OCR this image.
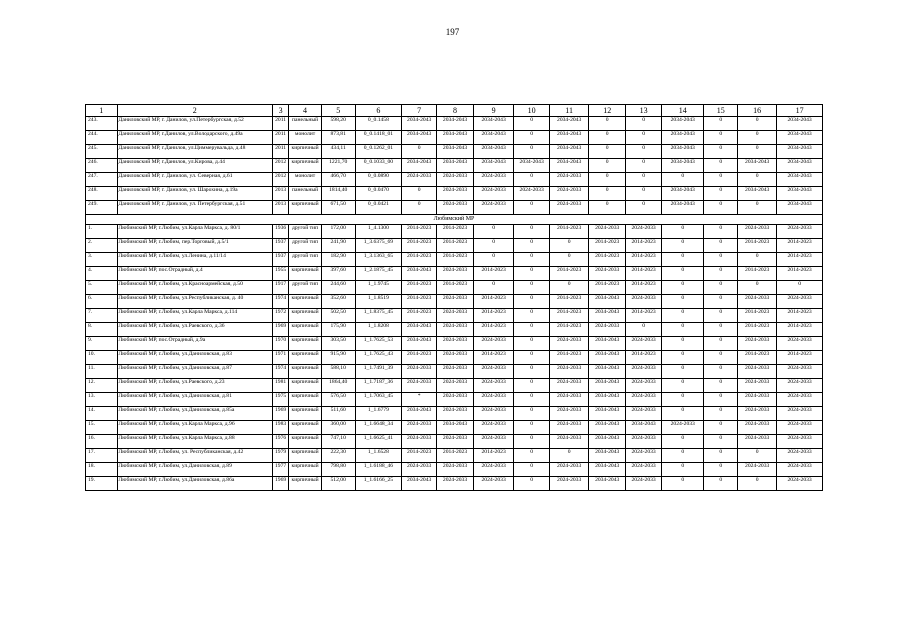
197
1	2	3	4	5	6	7	8	9	10	11	12	13	14	15	16	17
243.	Даниловский МР, г. Данилов, ул.Петербургская, д.52	2011	панельный	598,20	0_0.1458	2034-2043	2034-2043	2034-2043	0	2034-2043	0	0	2034-2043	0	0	2034-2043
244.	Даниловский МР, г.Данилов, ул.Володарского, д.49а	2011	монолит	873,81	0_0.1418_01	2034-2043	2034-2043	2034-2043	0	2034-2043	0	0	2034-2043	0	0	2034-2043
245.	Даниловский МР, г.Данилов, ул.Циммерувальда, д.48	2011	кирпичный	434,11	0_0.1262_01	0	2034-2043	2034-2043	0	2034-2043	0	0	2034-2043	0	0	2034-2043
246.	Даниловский МР, г.Данилов, ул.Кирова, д.44	2012	кирпичный	1221,70	0_0.1033_00	2034-2043	2034-2043	2034-2043	2034-2043	2034-2043	0	0	2034-2043	0	2034-2043	2034-2043
247.	Даниловский МР, г. Данилов, ул. Северная, д.61	2012	монолит	466,70	0_0.0890	2024-2033	2024-2033	2024-2033	0	2024-2033	0	0	0	0	0	2034-2043
248.	Даниловский МР, г. Данилов, ул. Шарохина, д.19а	2013	панельный	1814,40	0_0.0470	0	2024-2033	2024-2033	2024-2033	2024-2033	0	0	2034-2043	0	2034-2043	2034-2043
249.	Даниловский МР, г. Данилов, ул. Петербургская, д.51	2013	кирпичный	671,50	0_0.0421	0	2024-2033	2024-2033	0	2024-2033	0	0	2034-2043	0	0	2034-2043
Любимский МР																
1.	Любимский МР, г.Любим, ул.Карла Маркса, д. 80/1	1936	другой тип	172,00	1_4.1300	2014-2023	2014-2023	0	0	2014-2023	2024-2033	2024-2033	0	0	2024-2033	2024-2033
2.	Любимский МР, г.Любим, пер.Торговый, д.5/1	1937	другой тип	241,90	1_3.6375_69	2014-2023	2014-2023	0	0	0	2014-2023	2014-2023	0	0	2014-2023	2014-2023
3.	Любимский МР, г.Любим, ул.Ленина, д.11/14	1937	другой тип	182,90	1_3.1363_65	2014-2023	2014-2023	0	0	0	2014-2023	2014-2023	0	0	0	2014-2023
4.	Любимский МР, пос.Отрадный, д.4	1955	кирпичный	397,60	1_2.1875_45	2034-2043	2024-2033	2014-2023	0	2014-2023	2024-2033	2014-2023	0	0	2014-2023	2014-2023
5.	Любимский МР, г.Любим, ул.Красноармейская, д.50	1917	другой тип	244,60	1_1.9745	2014-2023	2014-2023	0	0	0	2014-2023	2014-2023	0	0	0	0
6.	Любимский МР, г.Любим, ул.Республиканская, д. 40	1974	кирпичный	352,60	1_1.8519	2014-2023	2024-2033	2014-2023	0	2014-2023	2034-2043	2024-2033	0	0	2024-2033	2024-2033
7.	Любимский МР, г.Любим, ул.Карла Маркса, д.114	1972	кирпичный	502,50	1_1.8375_45	2014-2023	2024-2033	2014-2023	0	2014-2023	2034-2043	2014-2023	0	0	2014-2023	2014-2023
8.	Любимский МР, г.Любим, ул.Раевского, д.36	1969	кирпичный	175,90	1_1.8208	2034-2043	2024-2033	2014-2023	0	2014-2023	2024-2033	0	0	0	2014-2023	2014-2023
9.	Любимский МР, пос.Отрадный, д.9а	1970	кирпичный	303,50	1_1.7625_53	2034-2043	2024-2033	2024-2033	0	2024-2033	2034-2043	2024-2033	0	0	2024-2033	2024-2033
10.	Любимский МР, г.Любим, ул.Даниловская, д.83	1971	кирпичный	915,90	1_1.7625_43	2014-2023	2024-2033	2014-2023	0	2014-2023	2034-2043	2014-2023	0	0	2014-2023	2014-2023
11.	Любимский МР, г.Любим, ул.Даниловская, д.87	1974	кирпичный	588,10	1_1.7491_39	2024-2033	2024-2033	2024-2033	0	2024-2033	2034-2043	2024-2033	0	0	2024-2033	2024-2033
12.	Любимский МР, г.Любим, ул.Раевского, д.23	1981	кирпичный	1864,40	1_1.7187_36	2024-2033	2024-2033	2024-2033	0	2024-2033	2034-2043	2024-2033	0	0	2024-2033	2024-2033
13.	Любимский МР, г.Любим, ул.Даниловская, д.81	1975	кирпичный	576,50	1_1.7063_45	*	2024-2033	2024-2033	0	2024-2033	2034-2043	2024-2033	0	0	2024-2033	2024-2033
14.	Любимский МР, г.Любим, ул.Даниловская, д.85а	1969	кирпичный	511,60	1_1.6779	2034-2043	2024-2033	2024-2033	0	2024-2033	2034-2043	2024-2033	0	0	2024-2033	2024-2033
15.	Любимский МР, г.Любим, ул.Карла Маркса, д.96	1983	кирпичный	360,00	1_1.6648_34	2024-2033	2034-2043	2024-2033	0	2024-2033	2034-2043	2034-2043	2024-2033	0	2024-2033	2024-2033
16.	Любимский МР, г.Любим, ул.Карла Маркса, д.88	1976	кирпичный	747,10	1_1.6625_41	2024-2033	2024-2033	2024-2033	0	2024-2033	2034-2043	2024-2033	0	0	2024-2033	2024-2033
17.	Любимский МР, г.Любим, ул. Республиканская, д.42	1979	кирпичный	222,30	1_1.6528	2014-2023	2014-2023	2014-2023	0	0	2034-2043	2024-2033	0	0	0	2024-2033
18.	Любимский МР, г.Любим, ул.Даниловская, д.89	1977	кирпичный	798,80	1_1.6188_46	2024-2033	2024-2033	2024-2033	0	2024-2033	2034-2043	2024-2033	0	0	2024-2033	2024-2033
19.	Любимский МР, г.Любим, ул.Даниловская, д.86а	1969	кирпичный	512,00	1_1.6166_25	2034-2043	2024-2033	2024-2033	0	2024-2033	2034-2043	2024-2033	0	0	0	2024-2033
